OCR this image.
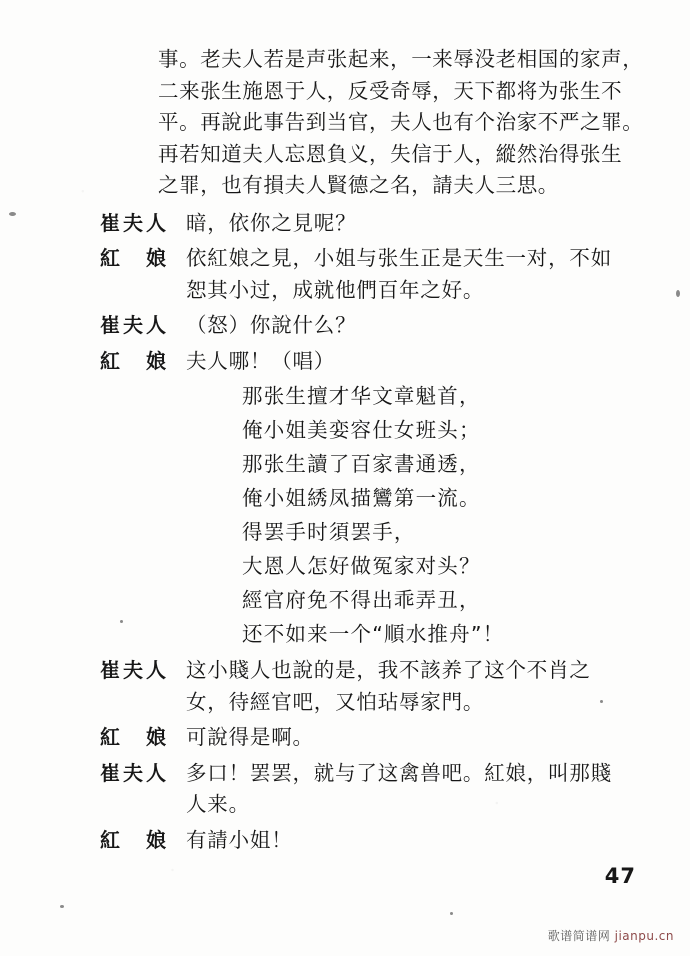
事。老夫人若是声张起来，一来辱没老相国的家声，
二来张生施恩于人，反受奇辱，天下都将为张生不
平。再說此事告到当官，夫人也有个治家不严之罪。
再若知道夫人忘恩負义，失信于人，縱然治得张生
之罪，也有損夫人賢德之名，請夫人三思。
崔夫人 暗，依你之見呢？
紅　娘 依紅娘之見，小姐与张生正是天生一对，不如
恕其小过，成就他們百年之好。
崔夫人 （怒）你說什么？
紅　娘 夫人哪！（唱）
那张生擅才华文章魁首，
俺小姐美娈容仕女班头；
那张生讀了百家書通透，
俺小姐綉凤描鸞第一流。
得罢手时須罢手，
大恩人怎好做冤家对头？
經官府免不得出乖弄丑，
还不如来一个“順水推舟”！
崔夫人 这小賤人也說的是，我不該养了这个不肖之
女，待經官吧，又怕玷辱家門。
紅　娘 可說得是啊。
崔夫人 多口！罢罢，就与了这禽兽吧。紅娘，叫那賤
人来。
紅　娘 有請小姐！
47
歌谱简谱网 jianpu.cn
